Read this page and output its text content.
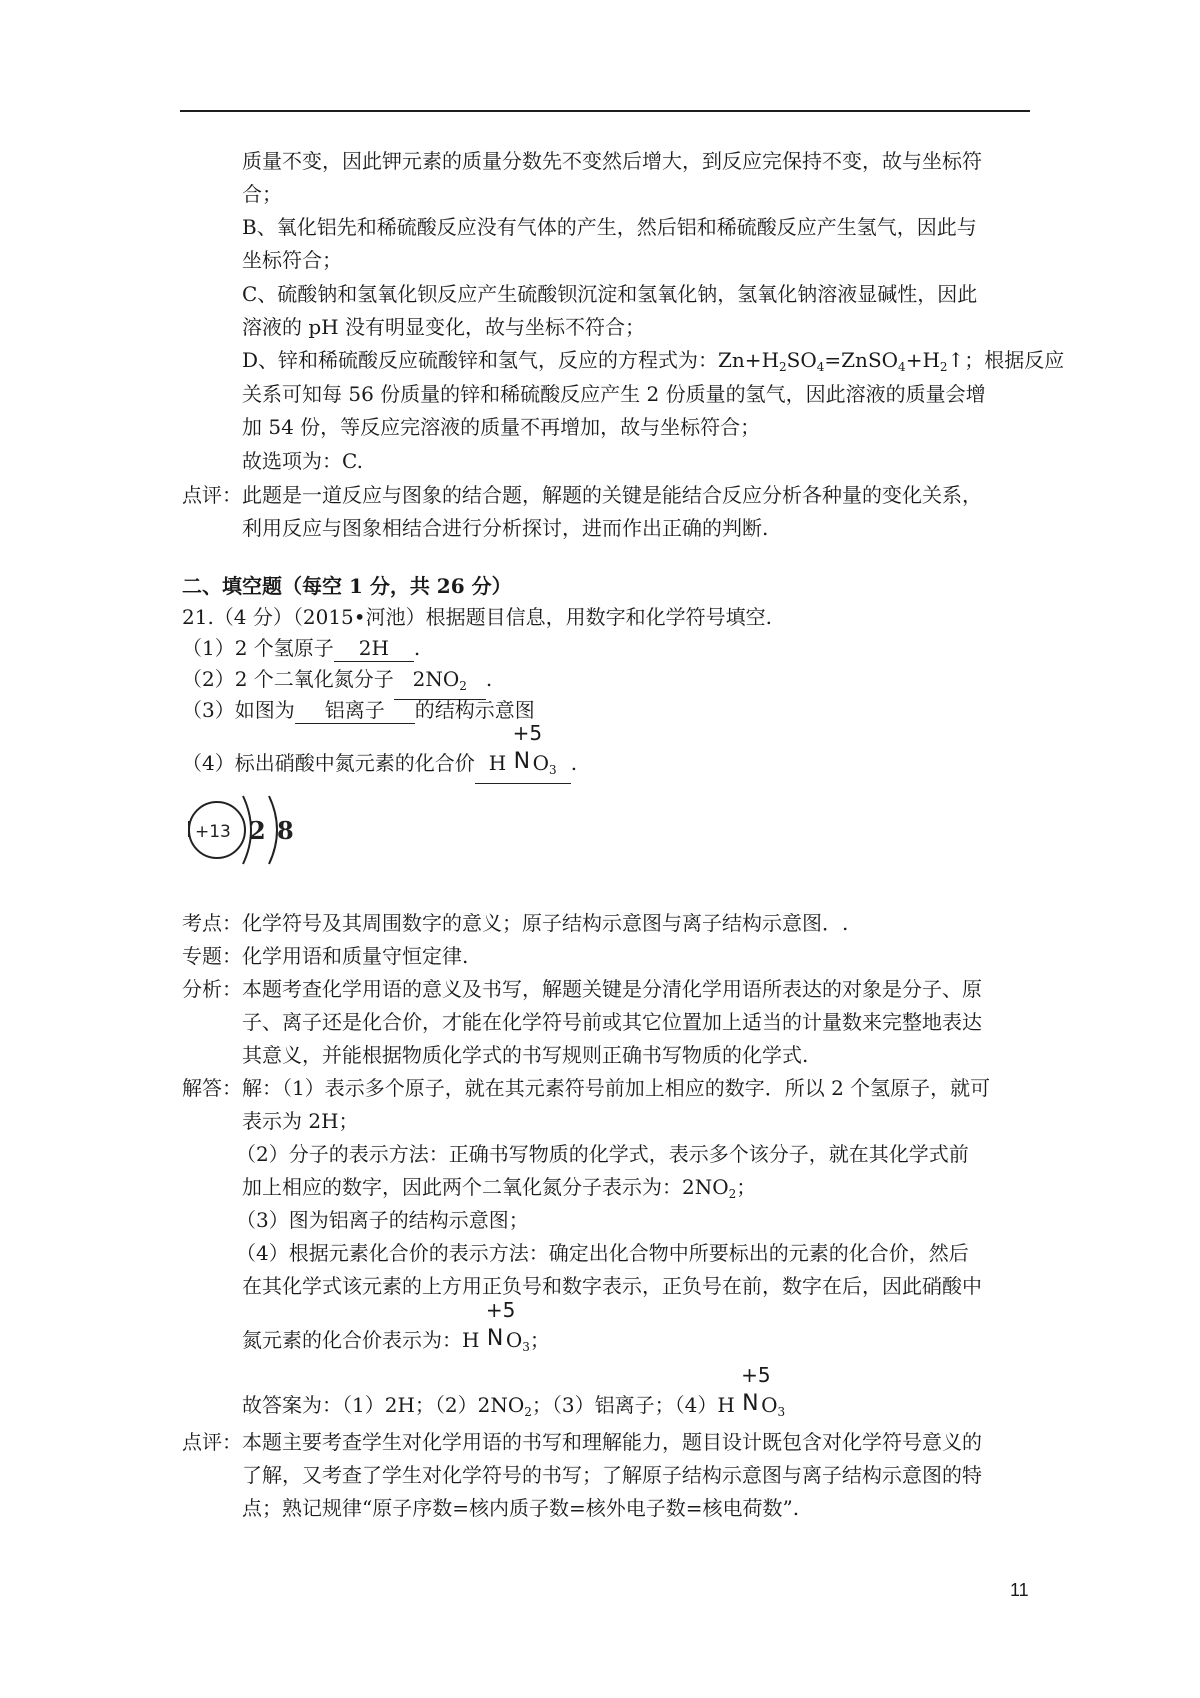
质量不变，因此钾元素的质量分数先不变然后增大，到反应完保持不变，故与坐标符
合；
B、氧化铝先和稀硫酸反应没有气体的产生，然后铝和稀硫酸反应产生氢气，因此与
坐标符合；
C、硫酸钠和氢氧化钡反应产生硫酸钡沉淀和氢氧化钠，氢氧化钠溶液显碱性，因此
溶液的 pH 没有明显变化，故与坐标不符合；
D、锌和稀硫酸反应硫酸锌和氢气，反应的方程式为：$Zn+H_2SO_4=ZnSO_4+H_2↑$；根据反应
关系可知每 56 份质量的锌和稀硫酸反应产生 2 份质量的氢气，因此溶液的质量会增
加 54 份，等反应完溶液的质量不再增加，故与坐标符合；
故选项为：C.
点评：此题是一道反应与图象的结合题，解题的关键是能结合反应分析各种量的变化关系，
利用反应与图象相结合进行分析探讨，进而作出正确的判断.
二、填空题（每空 1 分，共 26 分）
21.（4 分）（2015•河池）根据题目信息，用数字和化学符号填空.
（1）2 个氢原子 2H .
（2）2 个二氧化氮分子 $2NO_2$ .
（3）如图为 铝离子 的结构示意图
（4）标出硝酸中氮元素的化合价 H
+5
N $O_3$ .
+13 2 8
考点：化学符号及其周围数字的意义；原子结构示意图与离子结构示意图．.
专题：化学用语和质量守恒定律.
分析：本题考查化学用语的意义及书写，解题关键是分清化学用语所表达的对象是分子、原
子、离子还是化合价，才能在化学符号前或其它位置加上适当的计量数来完整地表达
其意义，并能根据物质化学式的书写规则正确书写物质的化学式.
解答：解：（1）表示多个原子，就在其元素符号前加上相应的数字．所以 2 个氢原子，就可
表示为 2H；
（2）分子的表示方法：正确书写物质的化学式，表示多个该分子，就在其化学式前
加上相应的数字，因此两个二氧化氮分子表示为：$2NO_2$；
（3）图为铝离子的结构示意图；
（4）根据元素化合价的表示方法：确定出化合物中所要标出的元素的化合价，然后
在其化学式该元素的上方用正负号和数字表示，正负号在前，数字在后，因此硝酸中
氮元素的化合价表示为：H
+5
N $O_3$；
故答案为：（1）2H；$(2)2NO_2$；（3）铝离子；（4）H
+5
N $O_3$
点评：本题主要考查学生对化学用语的书写和理解能力，题目设计既包含对化学符号意义的
了解，又考查了学生对化学符号的书写；了解原子结构示意图与离子结构示意图的特
点；熟记规律“原子序数=核内质子数=核外电子数=核电荷数”.
11
